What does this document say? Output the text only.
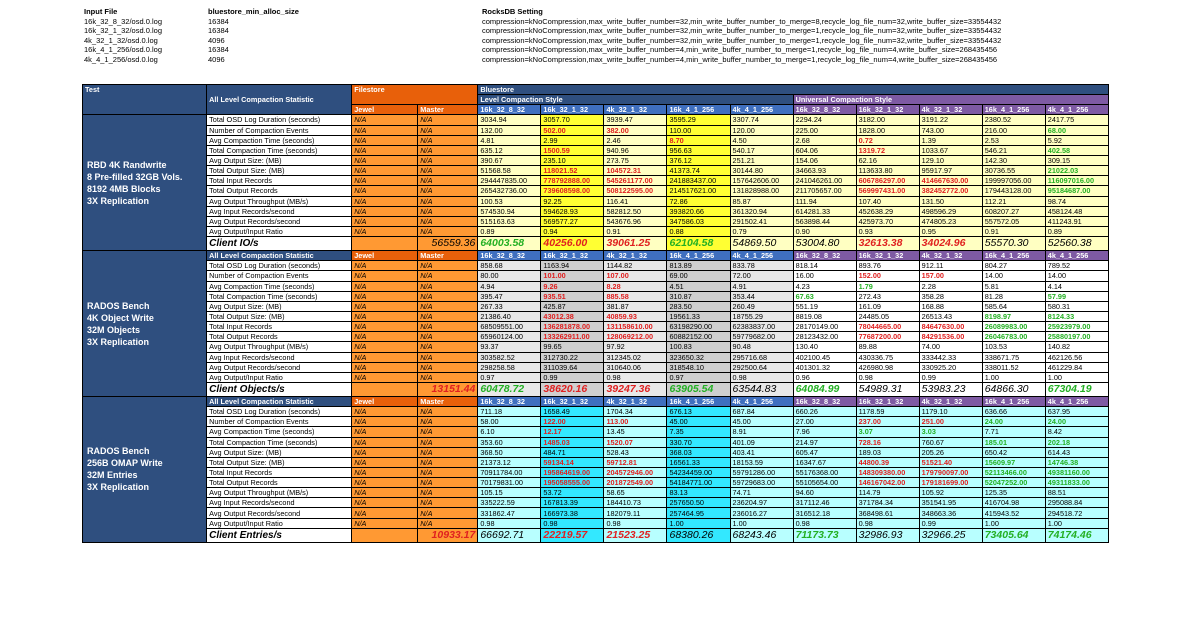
Input File	bluestore_min_alloc_size	RocksDB Setting
16k_32_8_32/osd.0.log	16384	compression=kNoCompression,max_write_buffer_number=32,min_write_buffer_number_to_merge=8,recycle_log_file_num=32,write_buffer_size=33554432
16k_32_1_32/osd.0.log	16384	compression=kNoCompression,max_write_buffer_number=32,min_write_buffer_number_to_merge=1,recycle_log_file_num=32,write_buffer_size=33554432
4k_32_1_32/osd.0.log	4096	compression=kNoCompression,max_write_buffer_number=32,min_write_buffer_number_to_merge=1,recycle_log_file_num=32,write_buffer_size=33554432
16k_4_1_256/osd.0.log	16384	compression=kNoCompression,max_write_buffer_number=4,min_write_buffer_number_to_merge=1,recycle_log_file_num=4,write_buffer_size=268435456
4k_4_1_256/osd.0.log	4096	compression=kNoCompression,max_write_buffer_number=4,min_write_buffer_number_to_merge=1,recycle_log_file_num=4,write_buffer_size=268435456
Test	All Level Compaction Statistic	Filestore		Bluestore									
				Level Compaction Style					Universal Compaction Style				
		Jewel	Master	16k_32_8_32	16k_32_1_32	4k_32_1_32	16k_4_1_256	4k_4_1_256	16k_32_8_32	16k_32_1_32	4k_32_1_32	16k_4_1_256	4k_4_1_256

RBD 4K Randwrite
8 Pre-filled 32GB Vols.
8192 4MB Blocks
3X Replication	Total OSD Log Duration (seconds)	N/A	N/A	3034.94	3057.70	3939.47	3595.29	3307.74	2294.24	3182.00	3191.22	2380.52	2417.75
	Number of Compaction Events	N/A	N/A	132.00	502.00	382.00	110.00	120.00	225.00	1828.00	743.00	216.00	68.00
	Avg Compaction Time (seconds)	N/A	N/A	4.81	2.99	2.46	8.70	4.50	2.68	0.72	1.39	2.53	5.92
	Total Compaction Time (seconds)	N/A	N/A	635.12	1500.59	940.96	956.63	540.17	604.06	1319.72	1033.67	546.21	402.58
	Avg Output Size: (MB)	N/A	N/A	390.67	235.10	273.75	376.12	251.21	154.06	62.16	129.10	142.30	309.15
	Total Output Size: (MB)	N/A	N/A	51568.58	118021.52	104572.31	41373.74	30144.80	34663.93	113633.80	95917.97	30736.55	21022.03
	Total Input Records	N/A	N/A	294447835.00	778792888.00	545261177.00	241883437.00	157642606.00	241046261.00	606786297.00	414667630.00	199997056.00	116097016.00
	Total Output Records	N/A	N/A	265432736.00	739608598.00	508122595.00	214517621.00	131828988.00	211705657.00	569997431.00	382452772.00	179443128.00	95184687.00
	Avg Output Throughput (MB/s)	N/A	N/A	100.53	92.25	116.41	72.86	85.87	111.94	107.40	131.50	112.21	98.74
	Avg Input Records/second	N/A	N/A	574530.94	594628.93	582812.50	393820.66	361320.94	614281.33	452638.29	498596.29	608207.27	458124.48
	Avg Output Records/second	N/A	N/A	515163.63	569577.27	543676.96	347586.03	291502.41	563898.44	425973.70	474805.23	557572.05	411243.91
	Avg Output/Input Ratio	N/A	N/A	0.89	0.94	0.91	0.88	0.79	0.90	0.93	0.95	0.91	0.89
	Client IO/s		56559.36	64003.58	40256.00	39061.25	62104.58	54869.50	53004.80	32613.38	34024.96	55570.30	52560.38

RADOS Bench
4K Object Write
32M Objects
3X Replication	All Level Compaction Statistic	Jewel	Master	16k_32_8_32	16k_32_1_32	4k_32_1_32	16k_4_1_256	4k_4_1_256	16k_32_8_32	16k_32_1_32	4k_32_1_32	16k_4_1_256	4k_4_1_256
	Total OSD Log Duration (seconds)	N/A	N/A	858.68	1163.94	1144.82	813.89	833.78	818.14	893.76	912.11	804.27	789.52
	Number of Compaction Events	N/A	N/A	80.00	101.00	107.00	69.00	72.00	16.00	152.00	157.00	14.00	14.00
	Avg Compaction Time (seconds)	N/A	N/A	4.94	9.26	8.28	4.51	4.91	4.23	1.79	2.28	5.81	4.14
	Total Compaction Time (seconds)	N/A	N/A	395.47	935.51	885.58	310.87	353.44	67.63	272.43	358.28	81.28	57.99
	Avg Output Size: (MB)	N/A	N/A	267.33	425.87	381.87	283.50	260.49	551.19	161.09	168.88	585.64	580.31
	Total Output Size: (MB)	N/A	N/A	21386.40	43012.38	40859.93	19561.33	18755.29	8819.08	24485.05	26513.43	8198.97	8124.33
	Total Input Records	N/A	N/A	68509551.00	136281878.00	131158610.00	63198290.00	62383837.00	28170149.00	78044665.00	84647630.00	26089983.00	25923979.00
	Total Output Records	N/A	N/A	65960124.00	133262911.00	128069212.00	60882152.00	59779682.00	28123432.00	77687200.00	84291536.00	26046783.00	25880197.00
	Avg Output Throughput (MB/s)	N/A	N/A	93.37	99.65	97.92	100.83	90.48	130.40	89.88	74.00	103.53	140.82
	Avg Input Records/second	N/A	N/A	303582.52	312730.22	312345.02	323650.32	295716.68	402100.45	430336.75	333442.33	338671.75	462126.56
	Avg Output Records/second	N/A	N/A	298258.58	311039.64	310640.06	318548.10	292500.64	401301.32	426980.98	330925.20	338011.52	461229.84
	Avg Output/Input Ratio	N/A	N/A	0.97	0.99	0.98	0.97	0.98	0.96	0.98	0.99	1.00	1.00
	Client Objects/s		13151.44	60478.72	38620.16	39247.36	63905.54	63544.83	64084.99	54989.31	53983.23	64866.30	67304.19

RADOS Bench
256B OMAP Write
32M Entries
3X Replication	All Level Compaction Statistic	Jewel	Master	16k_32_8_32	16k_32_1_32	4k_32_1_32	16k_4_1_256	4k_4_1_256	16k_32_8_32	16k_32_1_32	4k_32_1_32	16k_4_1_256	4k_4_1_256
	Total OSD Log Duration (seconds)	N/A	N/A	711.18	1658.49	1704.34	676.13	687.84	660.26	1178.59	1179.10	636.66	637.95
	Number of Compaction Events	N/A	N/A	58.00	122.00	113.00	45.00	45.00	27.00	237.00	251.00	24.00	24.00
	Avg Compaction Time (seconds)	N/A	N/A	6.10	12.17	13.45	7.35	8.91	7.96	3.07	3.03	7.71	8.42
	Total Compaction Time (seconds)	N/A	N/A	353.60	1485.03	1520.07	330.70	401.09	214.97	728.16	760.67	185.01	202.18
	Avg Output Size: (MB)	N/A	N/A	368.50	484.71	528.43	368.03	403.41	605.47	189.03	205.26	650.42	614.43
	Total Output Size: (MB)	N/A	N/A	21373.12	59134.14	59712.81	16561.33	18153.59	16347.67	44800.39	51521.40	15609.97	14746.38
	Total Input Records	N/A	N/A	70911784.00	195864619.00	204572946.00	54234459.00	59791286.00	55176368.00	148309380.00	179790097.00	52113466.00	49381160.00
	Total Output Records	N/A	N/A	70179831.00	195058555.00	201872549.00	54184771.00	59729683.00	55105654.00	146167042.00	179181699.00	52047252.00	49311833.00
	Avg Output Throughput (MB/s)	N/A	N/A	105.15	53.72	58.65	83.13	74.71	94.60	114.79	105.92	125.35	88.51
	Avg Input Records/second	N/A	N/A	335222.59	167813.39	184410.73	257650.50	236204.97	317112.46	371784.34	351541.95	416704.98	295088.84
	Avg Output Records/second	N/A	N/A	331862.47	166973.38	182079.11	257464.95	236016.27	316512.18	368498.61	348663.36	415943.52	294518.72
	Avg Output/Input Ratio	N/A	N/A	0.98	0.98	0.98	1.00	1.00	0.98	0.98	0.99	1.00	1.00
	Client Entries/s		10933.17	66692.71	22219.57	21523.25	68380.26	68243.46	71173.73	32986.93	32966.25	73405.64	74174.46
